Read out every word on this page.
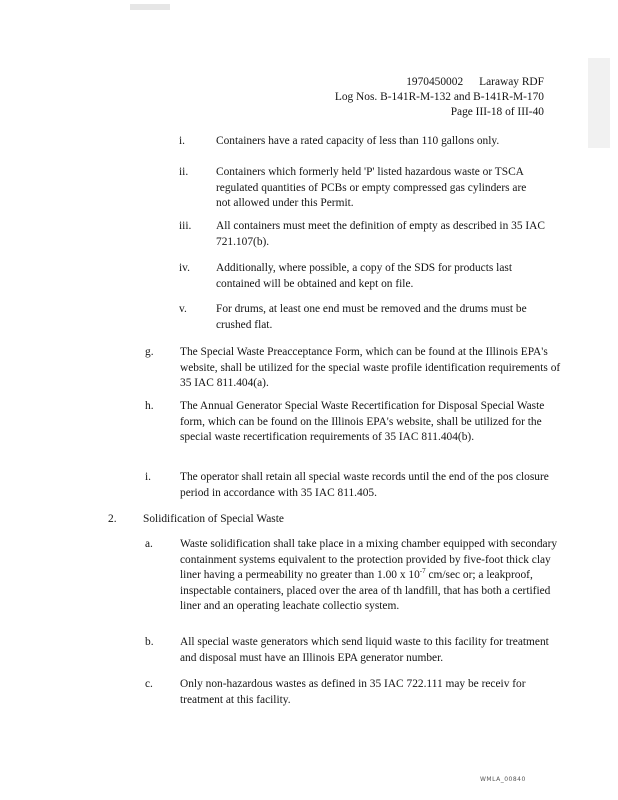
1970450002 Laraway RDF
Log Nos. B-141R-M-132 and B-141R-M-170
Page III-18 of III-40
i.	Containers have a rated capacity of less than 110 gallons only.
ii. Containers which formerly held 'P' listed hazardous waste or TSCA regulated quantities of PCBs or empty compressed gas cylinders are not allowed under this Permit.
iii. All containers must meet the definition of empty as described in 35 IAC 721.107(b).
iv. Additionally, where possible, a copy of the SDS for products last contained will be obtained and kept on file.
v.	For drums, at least one end must be removed and the drums must be crushed flat.
g. The Special Waste Preacceptance Form, which can be found at the Illinois EPA's website, shall be utilized for the special waste profile identification requirements of 35 IAC 811.404(a).
h. The Annual Generator Special Waste Recertification for Disposal Special Waste form, which can be found on the Illinois EPA's website, shall be utilized for the special waste recertification requirements of 35 IAC 811.404(b).
i.	The operator shall retain all special waste records until the end of the pos closure period in accordance with 35 IAC 811.405.
2. Solidification of Special Waste
a. Waste solidification shall take place in a mixing chamber equipped with secondary containment systems equivalent to the protection provided by five-foot thick clay liner having a permeability no greater than 1.00 x $10^{-7}$ cm/sec or; a leakproof, inspectable containers, placed over the area of th landfill, that has both a certified liner and an operating leachate collectio system.
b. All special waste generators which send liquid waste to this facility for treatment and disposal must have an Illinois EPA generator number.
c. Only non-hazardous wastes as defined in 35 IAC 722.111 may be receiv for treatment at this facility.
WMLA_00840
